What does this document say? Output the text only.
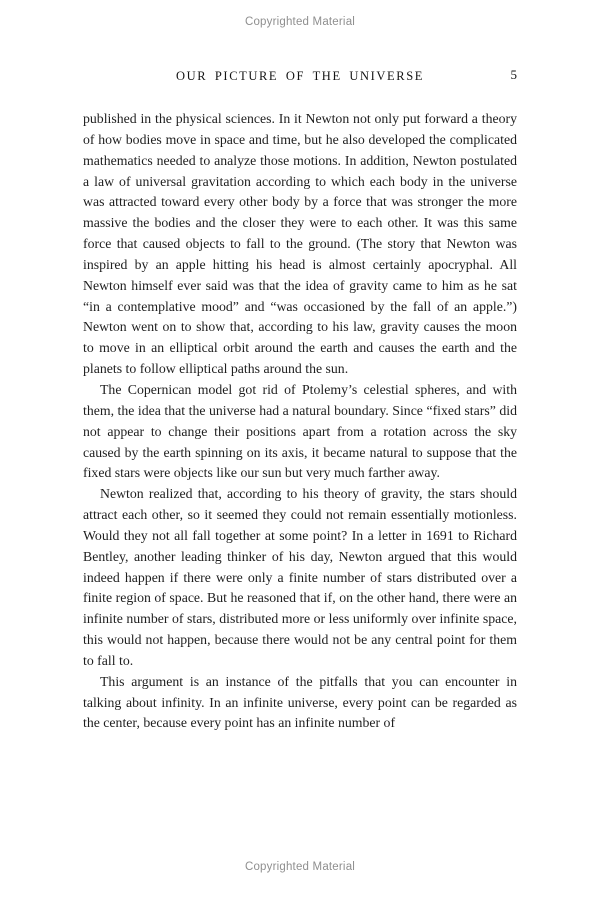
Copyrighted Material
OUR PICTURE OF THE UNIVERSE	5

published in the physical sciences. In it Newton not only put forward a theory of how bodies move in space and time, but he also developed the complicated mathematics needed to analyze those motions. In addition, Newton postulated a law of universal gravitation according to which each body in the universe was attracted toward every other body by a force that was stronger the more massive the bodies and the closer they were to each other. It was this same force that caused objects to fall to the ground. (The story that Newton was inspired by an apple hitting his head is almost certainly apocryphal. All Newton himself ever said was that the idea of gravity came to him as he sat “in a contemplative mood” and “was occasioned by the fall of an apple.”) Newton went on to show that, according to his law, gravity causes the moon to move in an elliptical orbit around the earth and causes the earth and the planets to follow elliptical paths around the sun.

The Copernican model got rid of Ptolemy’s celestial spheres, and with them, the idea that the universe had a natural boundary. Since “fixed stars” did not appear to change their positions apart from a rotation across the sky caused by the earth spinning on its axis, it became natural to suppose that the fixed stars were objects like our sun but very much farther away.

Newton realized that, according to his theory of gravity, the stars should attract each other, so it seemed they could not remain essentially motionless. Would they not all fall together at some point? In a letter in 1691 to Richard Bentley, another leading thinker of his day, Newton argued that this would indeed happen if there were only a finite number of stars distributed over a finite region of space. But he reasoned that if, on the other hand, there were an infinite number of stars, distributed more or less uniformly over infinite space, this would not happen, because there would not be any central point for them to fall to.

This argument is an instance of the pitfalls that you can encounter in talking about infinity. In an infinite universe, every point can be regarded as the center, because every point has an infinite number of

Copyrighted Material
